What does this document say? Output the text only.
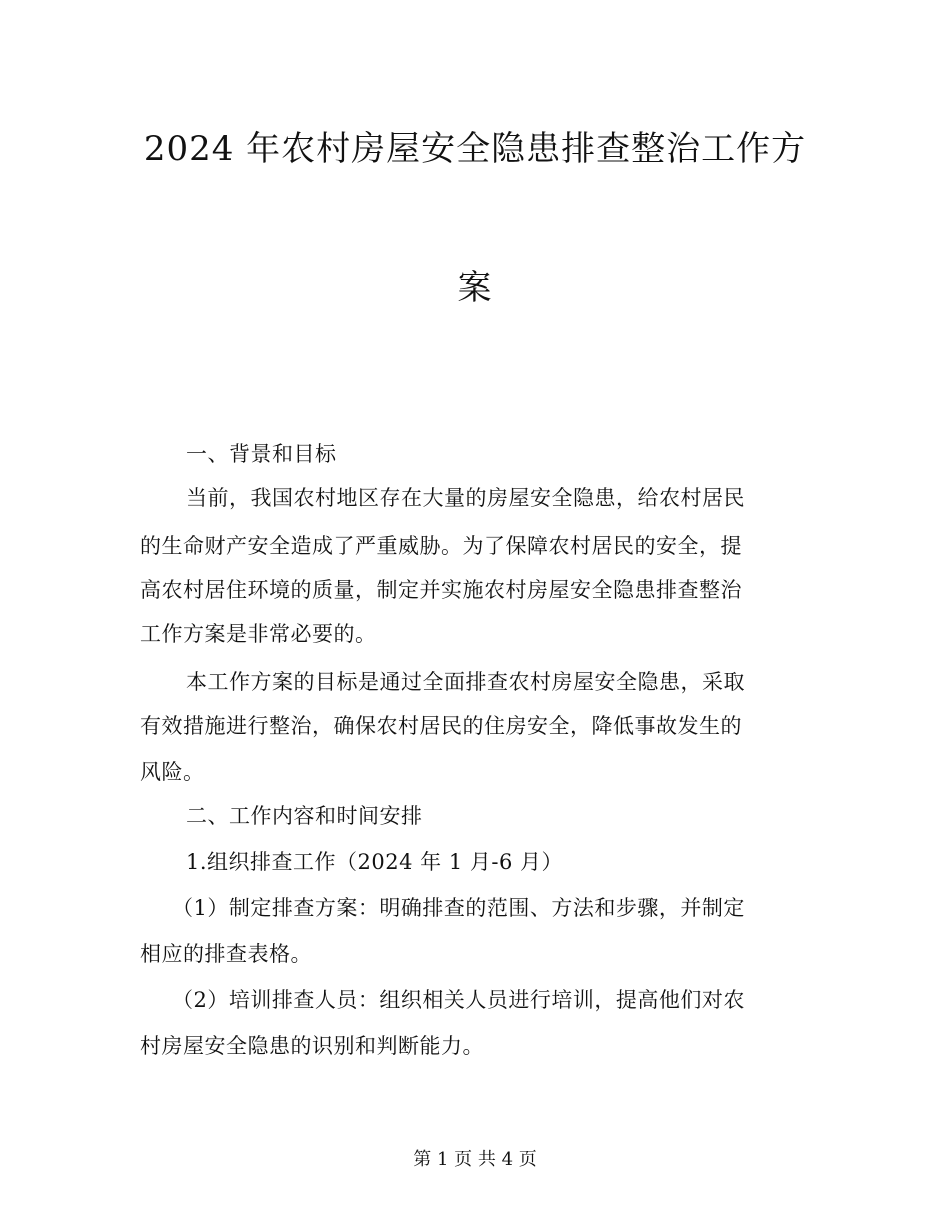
2024 年农村房屋安全隐患排查整治工作方
案
一、背景和目标
当前，我国农村地区存在大量的房屋安全隐患，给农村居民
的生命财产安全造成了严重威胁。为了保障农村居民的安全，提
高农村居住环境的质量，制定并实施农村房屋安全隐患排查整治
工作方案是非常必要的。
本工作方案的目标是通过全面排查农村房屋安全隐患，采取
有效措施进行整治，确保农村居民的住房安全，降低事故发生的
风险。
二、工作内容和时间安排
1.组织排查工作（2024 年 1 月-6 月）
（1）制定排查方案：明确排查的范围、方法和步骤，并制定
相应的排查表格。
（2）培训排查人员：组织相关人员进行培训，提高他们对农
村房屋安全隐患的识别和判断能力。
第 1 页 共 4 页
